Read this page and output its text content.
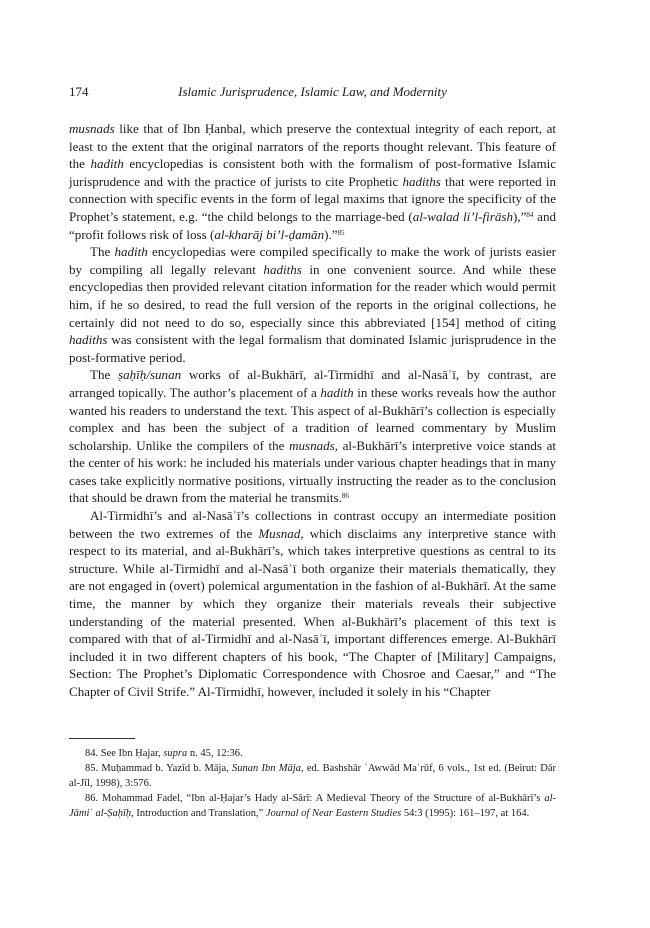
174	Islamic Jurisprudence, Islamic Law, and Modernity

musnads like that of Ibn Ḥanbal, which preserve the contextual integrity of each report, at least to the extent that the original narrators of the reports thought relevant. This feature of the hadith encyclopedias is consistent both with the formalism of post-formative Islamic jurisprudence and with the practice of jurists to cite Prophetic hadiths that were reported in connection with specific events in the form of legal maxims that ignore the specificity of the Prophet’s statement, e.g. “the child belongs to the marriage-bed (al-walad li’l-firāsh),”$^{84}$ and “profit follows risk of loss (al-kharāj bi’l-ḍamān).”$^{85}$

The hadith encyclopedias were compiled specifically to make the work of jurists easier by compiling all legally relevant hadiths in one convenient source. And while these encyclopedias then provided relevant citation information for the reader which would permit him, if he so desired, to read the full version of the reports in the original collections, he certainly did not need to do so, especially since this abbreviated [154] method of citing hadiths was consistent with the legal formalism that dominated Islamic jurisprudence in the post-formative period.

The ṣaḥīḥ/sunan works of al-Bukhārī, al-Tirmidhī and al-Nasāʾī, by contrast, are arranged topically. The author’s placement of a hadith in these works reveals how the author wanted his readers to understand the text. This aspect of al-Bukhārī’s collection is especially complex and has been the subject of a tradition of learned commentary by Muslim scholarship. Unlike the compilers of the musnads, al-Bukhārī’s interpretive voice stands at the center of his work: he included his materials under various chapter headings that in many cases take explicitly normative positions, virtually instructing the reader as to the conclusion that should be drawn from the material he transmits.$^{86}$

Al-Tirmidhī’s and al-Nasāʾī’s collections in contrast occupy an intermediate position between the two extremes of the Musnad, which disclaims any interpretive stance with respect to its material, and al-Bukhārī’s, which takes interpretive questions as central to its structure. While al-Tirmidhī and al-Nasāʾī both organize their materials thematically, they are not engaged in (overt) polemical argumentation in the fashion of al-Bukhārī. At the same time, the manner by which they organize their materials reveals their subjective understanding of the material presented. When al-Bukhārī’s placement of this text is compared with that of al-Tirmidhī and al-Nasāʾī, important differences emerge. Al-Bukhārī included it in two different chapters of his book, “The Chapter of [Military] Campaigns, Section: The Prophet’s Diplomatic Correspondence with Chosroe and Caesar,” and “The Chapter of Civil Strife.” Al-Tirmidhī, however, included it solely in his “Chapter

84. See Ibn Ḥajar, supra n. 45, 12:36.

85. Muḥammad b. Yazīd b. Māja, Sunan Ibn Māja, ed. Bashshār ʿAwwād Maʿrūf, 6 vols., 1st ed. (Beirut: Dār al-Jīl, 1998), 3:576.

86. Mohammad Fadel, “Ibn al-Ḥajar’s Hady al-Sārī: A Medieval Theory of the Structure of al-Bukhārī’s al-Jāmiʿ al-Ṣaḥīḥ, Introduction and Translation,” Journal of Near Eastern Studies 54:3 (1995): 161–197, at 164.
